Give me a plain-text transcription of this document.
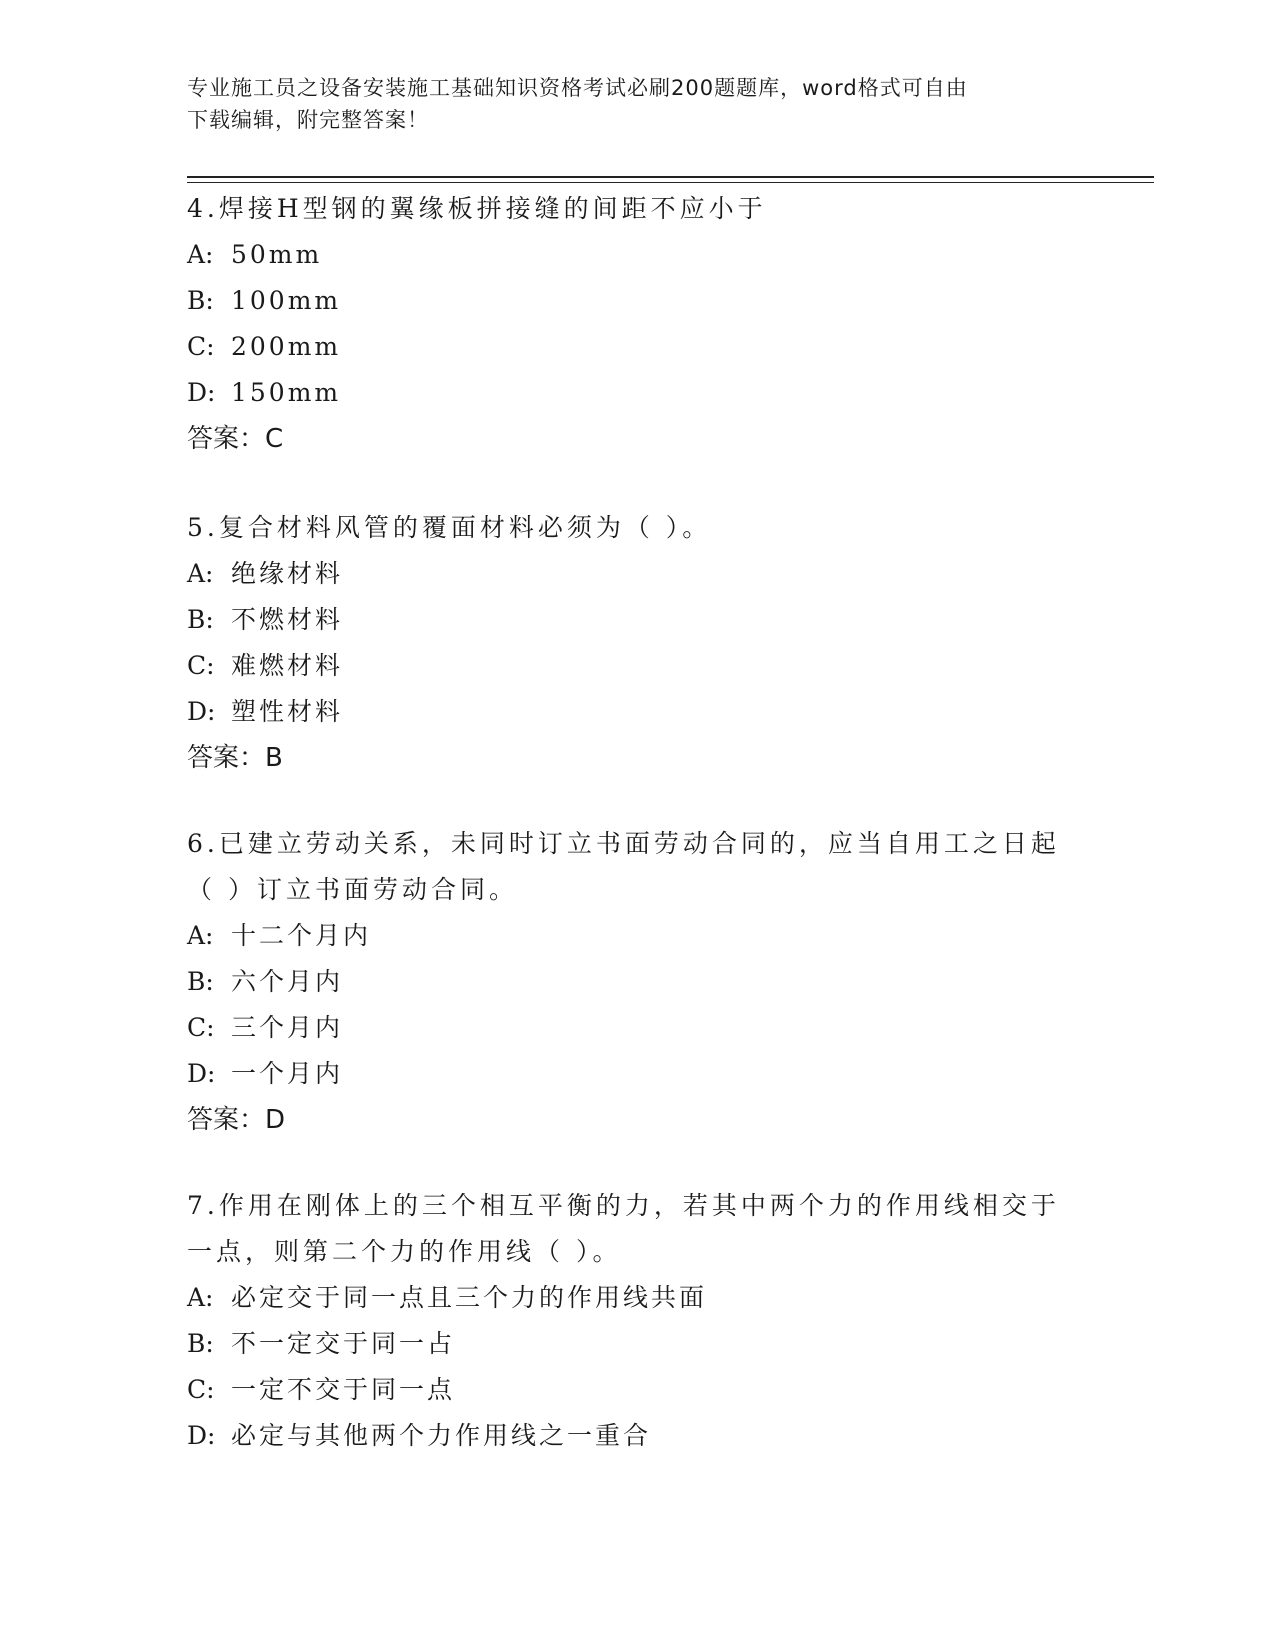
专业施工员之设备安装施工基础知识资格考试必刷200题题库，word格式可自由
下载编辑，附完整答案！
4.焊接H型钢的翼缘板拼接缝的间距不应小于
A: 50mm
B: 100mm
C: 200mm
D: 150mm
答案：C
5.复合材料风管的覆面材料必须为（ ）。
A: 绝缘材料
B: 不燃材料
C: 难燃材料
D: 塑性材料
答案：B
6.已建立劳动关系，未同时订立书面劳动合同的，应当自用工之日起
（ ）订立书面劳动合同。
A: 十二个月内
B: 六个月内
C: 三个月内
D: 一个月内
答案：D
7.作用在刚体上的三个相互平衡的力，若其中两个力的作用线相交于
一点，则第二个力的作用线（ ）。
A: 必定交于同一点且三个力的作用线共面
B: 不一定交于同一占
C: 一定不交于同一点
D: 必定与其他两个力作用线之一重合
